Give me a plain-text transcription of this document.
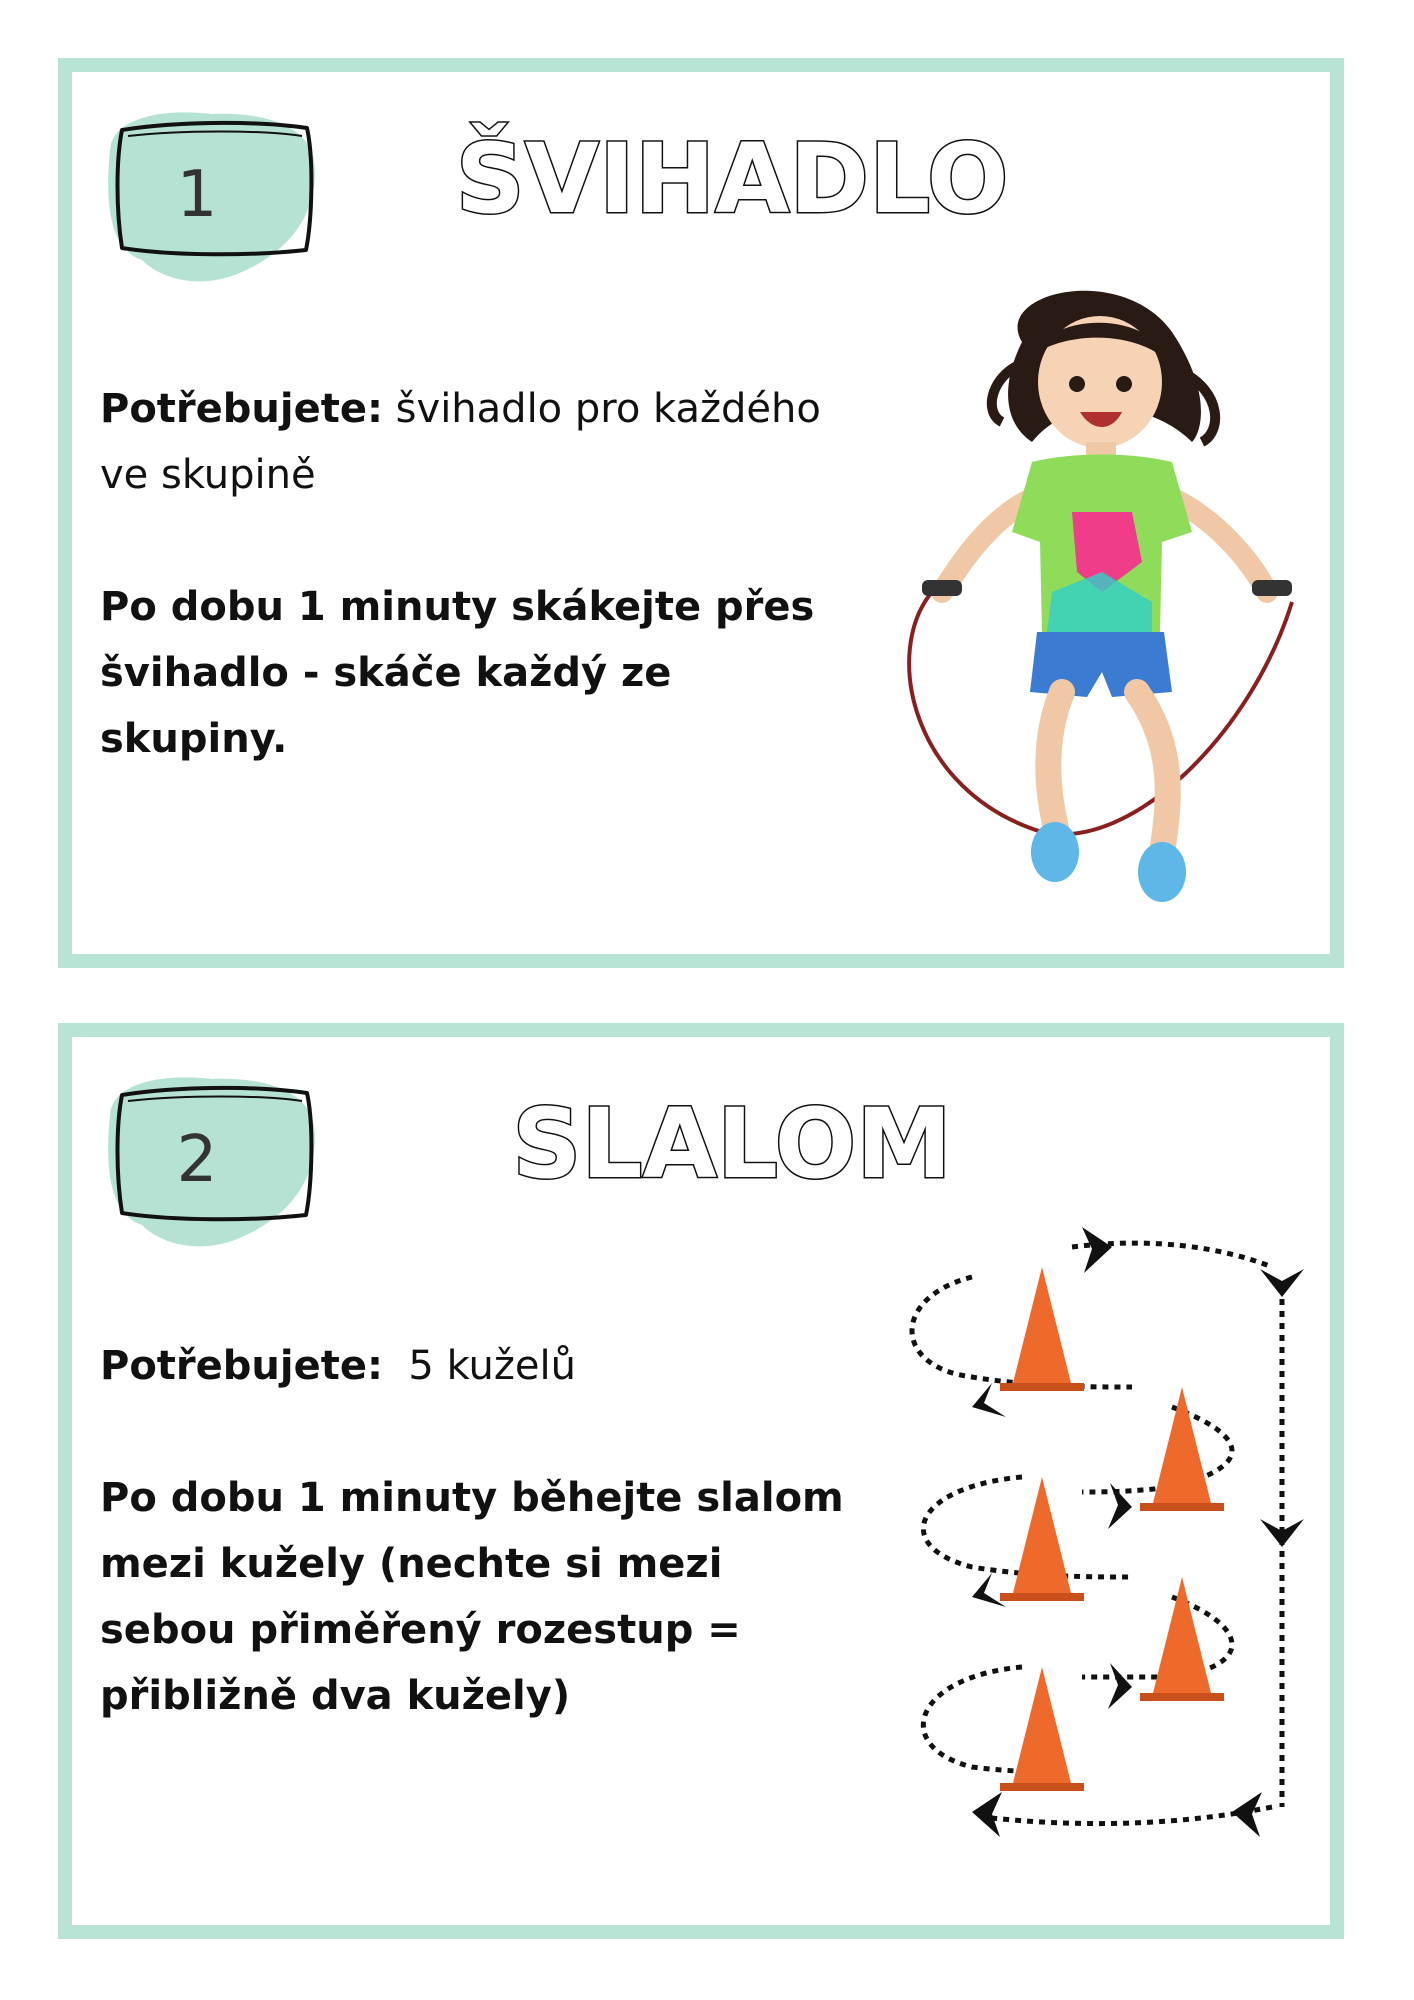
1	ŠVIHADLO
Potřebujete: švihadlo pro každého ve skupině
Po dobu 1 minuty skákejte přes švihadlo - skáče každý ze skupiny.
2	SLALOM
Potřebujete:  5 kuželů
Po dobu 1 minuty běhejte slalom mezi kužely (nechte si mezi sebou přiměřený rozestup = přibližně dva kužely)
